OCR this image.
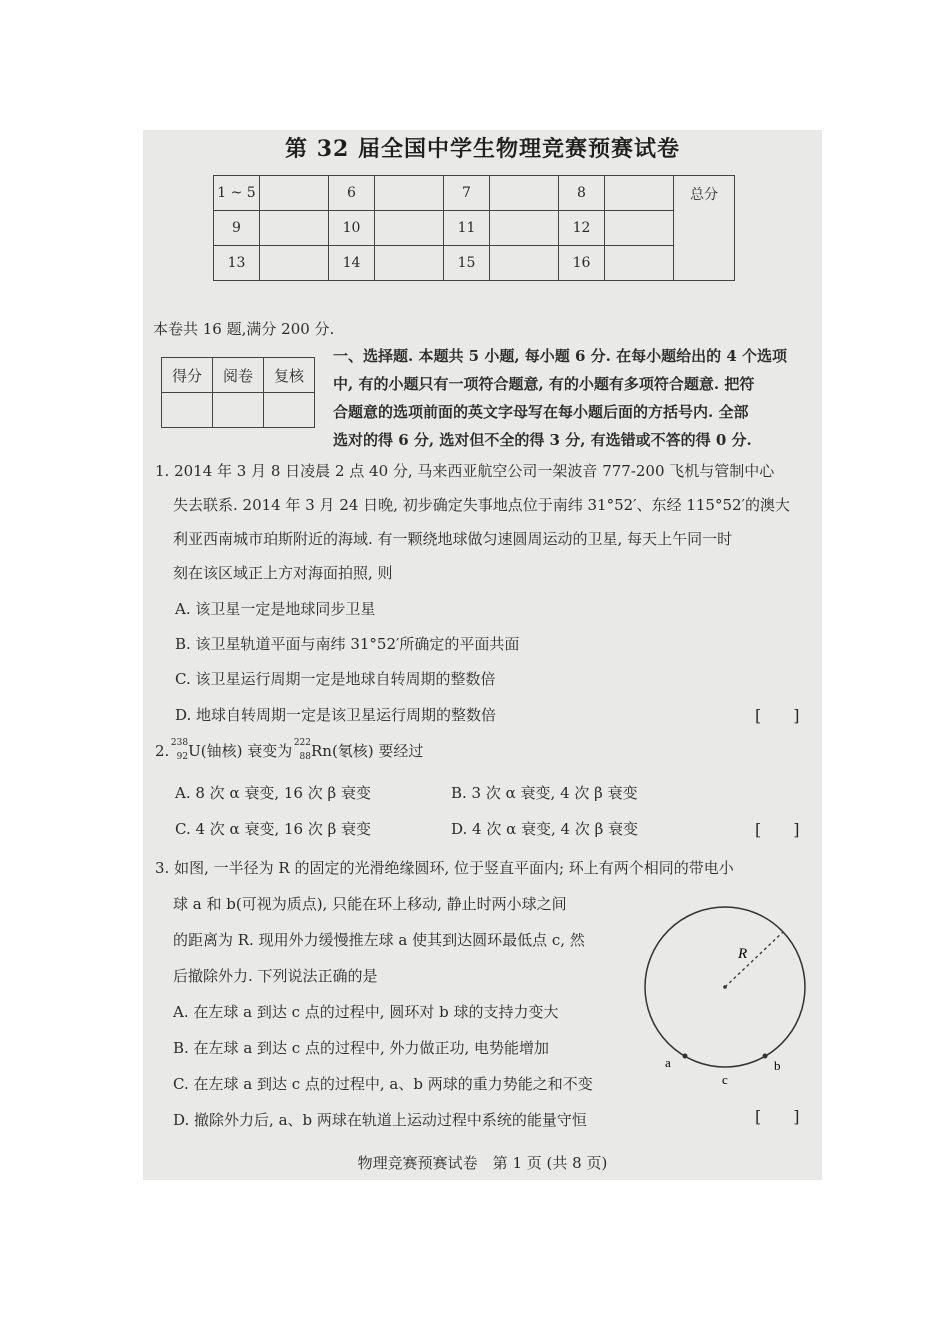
第 32 届全国中学生物理竞赛预赛试卷
1 ~ 5		6		7		8		总分
9		10		11		12		
13		14		15		16		
本卷共 16 题,满分 200 分.
得分	阅卷	复核

一、选择题. 本题共 5 小题, 每小题 6 分. 在每小题给出的 4 个选项
中, 有的小题只有一项符合题意, 有的小题有多项符合题意. 把符
合题意的选项前面的英文字母写在每小题后面的方括号内. 全部
选对的得 6 分, 选对但不全的得 3 分, 有选错或不答的得 0 分.
1. 2014 年 3 月 8 日凌晨 2 点 40 分, 马来西亚航空公司一架波音 777-200 飞机与管制中心
失去联系. 2014 年 3 月 24 日晚, 初步确定失事地点位于南纬 31°52′、东经 115°52′的澳大
利亚西南城市珀斯附近的海域. 有一颗绕地球做匀速圆周运动的卫星, 每天上午同一时
刻在该区域正上方对海面拍照, 则
A. 该卫星一定是地球同步卫星
B. 该卫星轨道平面与南纬 31°52′所确定的平面共面
C. 该卫星运行周期一定是地球自转周期的整数倍
D. 地球自转周期一定是该卫星运行周期的整数倍	[　　]
2. 238
92 U(铀核) 衰变为 222
88 Rn(氡核) 要经过
A. 8 次 α 衰变, 16 次 β 衰变	B. 3 次 α 衰变, 4 次 β 衰变
C. 4 次 α 衰变, 16 次 β 衰变	D. 4 次 α 衰变, 4 次 β 衰变	[　　]
3. 如图, 一半径为 R 的固定的光滑绝缘圆环, 位于竖直平面内; 环上有两个相同的带电小
球 a 和 b(可视为质点), 只能在环上移动, 静止时两小球之间
的距离为 R. 现用外力缓慢推左球 a 使其到达圆环最低点 c, 然
后撤除外力. 下列说法正确的是
A. 在左球 a 到达 c 点的过程中, 圆环对 b 球的支持力变大
B. 在左球 a 到达 c 点的过程中, 外力做正功, 电势能增加
C. 在左球 a 到达 c 点的过程中, a、b 两球的重力势能之和不变
D. 撤除外力后, a、b 两球在轨道上运动过程中系统的能量守恒	[　　]
R
a	b
c
物理竞赛预赛试卷　第 1 页 (共 8 页)
